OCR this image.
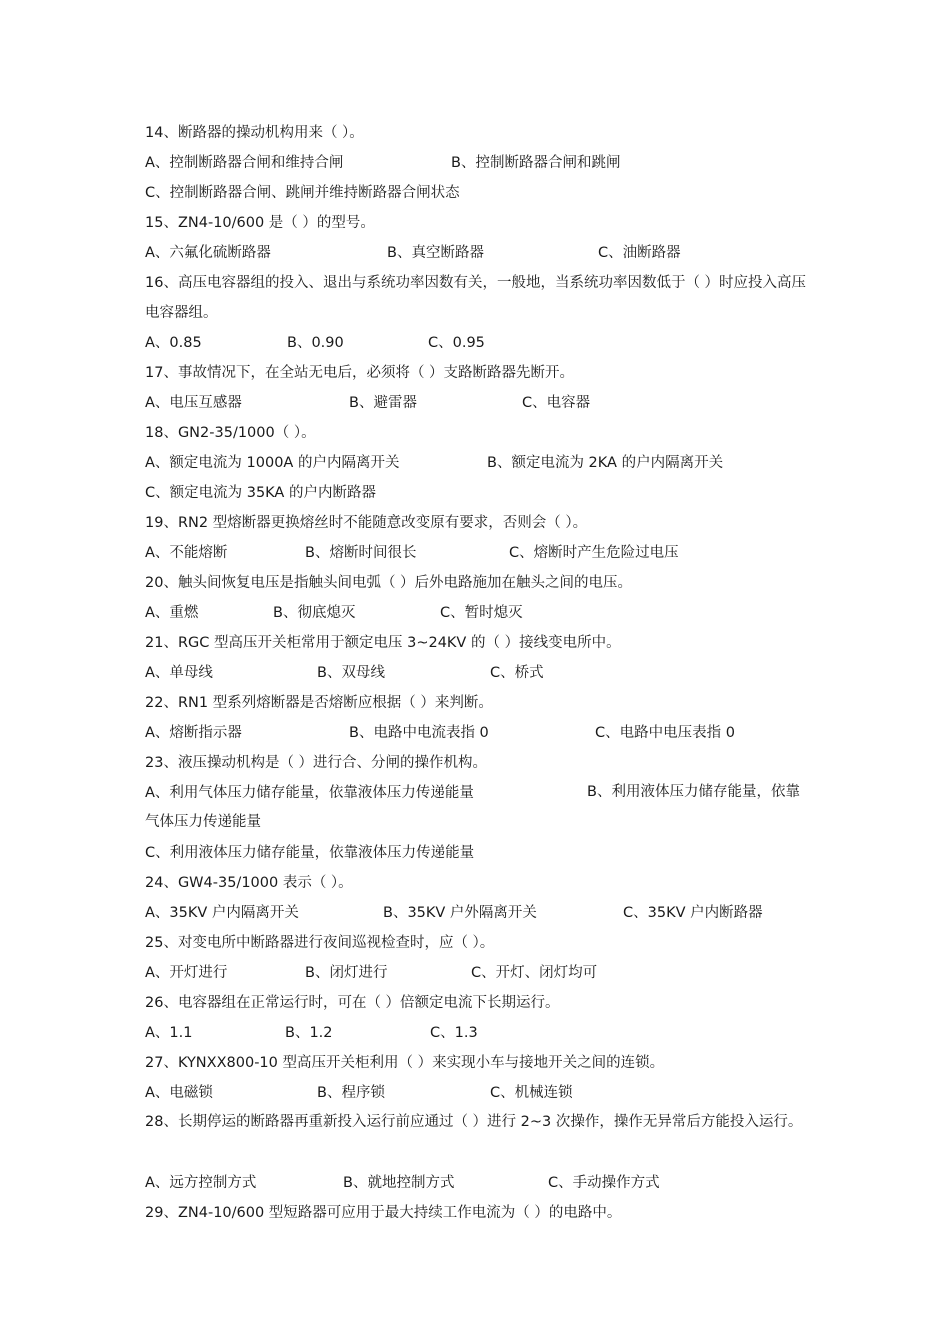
14、断路器的操动机构用来（ ）。
A、控制断路器合闸和维持合闸	B、控制断路器合闸和跳闸
C、控制断路器合闸、跳闸并维持断路器合闸状态
15、ZN4-10/600 是（ ）的型号。
A、六氟化硫断路器	B、真空断路器	C、油断路器
16、高压电容器组的投入、退出与系统功率因数有关，一般地，当系统功率因数低于（ ）时应投入高压电容器组。
A、0.85	B、0.90	C、0.95
17、事故情况下，在全站无电后，必须将（ ）支路断路器先断开。
A、电压互感器	B、避雷器	C、电容器
18、GN2-35/1000（ ）。
A、额定电流为 1000A 的户内隔离开关	B、额定电流为 2KA 的户内隔离开关
C、额定电流为 35KA 的户内断路器
19、RN2 型熔断器更换熔丝时不能随意改变原有要求，否则会（ ）。
A、不能熔断	B、熔断时间很长	C、熔断时产生危险过电压
20、触头间恢复电压是指触头间电弧（ ）后外电路施加在触头之间的电压。
A、重燃	B、彻底熄灭	C、暂时熄灭
21、RGC 型高压开关柜常用于额定电压 3~24KV 的（ ）接线变电所中。
A、单母线	B、双母线	C、桥式
22、RN1 型系列熔断器是否熔断应根据（ ）来判断。
A、熔断指示器	B、电路中电流表指 0	C、电路中电压表指 0
23、液压操动机构是（ ）进行合、分闸的操作机构。
A、利用气体压力储存能量，依靠液体压力传递能量	B、利用液体压力储存能量，依靠气体压力传递能量
C、利用液体压力储存能量，依靠液体压力传递能量
24、GW4-35/1000 表示（ ）。
A、35KV 户内隔离开关	B、35KV 户外隔离开关	C、35KV 户内断路器
25、对变电所中断路器进行夜间巡视检查时，应（ ）。
A、开灯进行	B、闭灯进行	C、开灯、闭灯均可
26、电容器组在正常运行时，可在（ ）倍额定电流下长期运行。
A、1.1	B、1.2	C、1.3
27、KYNXX800-10 型高压开关柜利用（ ）来实现小车与接地开关之间的连锁。
A、电磁锁	B、程序锁	C、机械连锁
28、长期停运的断路器再重新投入运行前应通过（ ）进行 2~3 次操作，操作无异常后方能投入运行。
A、远方控制方式	B、就地控制方式	C、手动操作方式
29、ZN4-10/600 型短路器可应用于最大持续工作电流为（ ）的电路中。
